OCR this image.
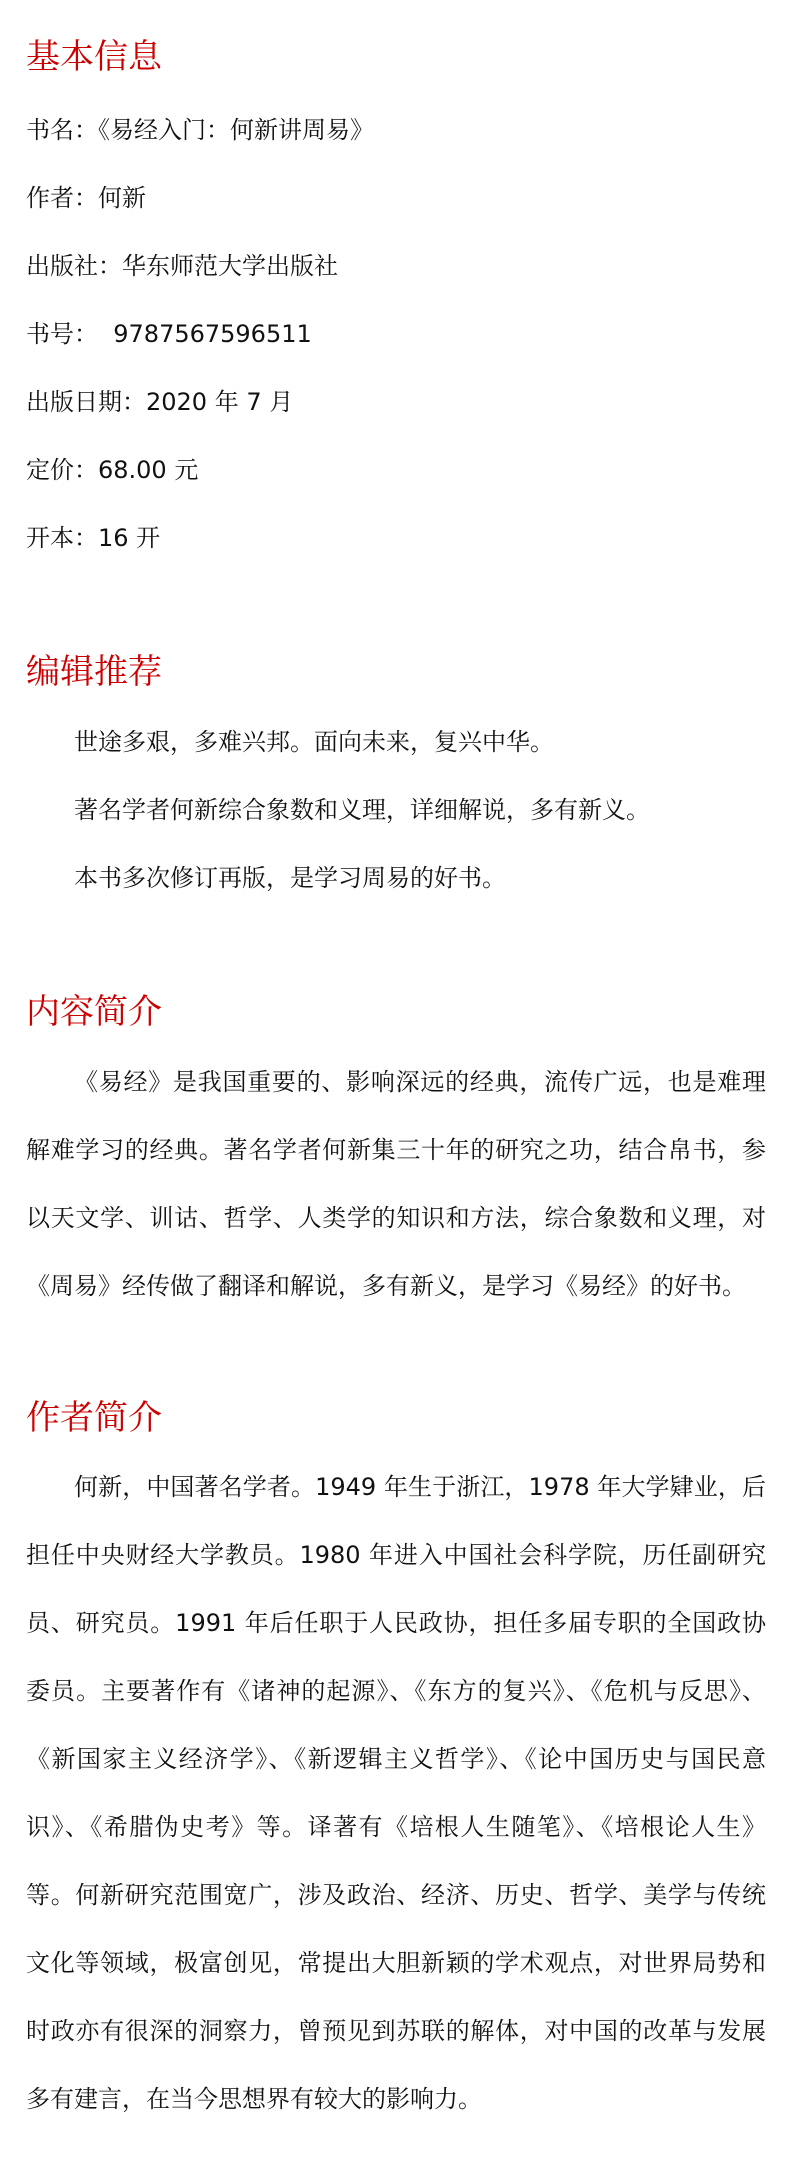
基本信息

书名：《易经入门：何新讲周易》

作者：何新

出版社：华东师范大学出版社

书号：  9787567596511

出版日期：2020 年 7 月

定价：68.00 元

开本：16 开

编辑推荐

世途多艰，多难兴邦。面向未来，复兴中华。

著名学者何新综合象数和义理，详细解说，多有新义。

本书多次修订再版，是学习周易的好书。

内容简介

《易经》是我国重要的、影响深远的经典，流传广远，也是难理解难学习的经典。著名学者何新集三十年的研究之功，结合帛书，参以天文学、训诂、哲学、人类学的知识和方法，综合象数和义理，对《周易》经传做了翻译和解说，多有新义，是学习《易经》的好书。

作者简介

何新，中国著名学者。1949 年生于浙江，1978 年大学肄业，后担任中央财经大学教员。1980 年进入中国社会科学院，历任副研究员、研究员。1991 年后任职于人民政协，担任多届专职的全国政协委员。主要著作有《诸神的起源》、《东方的复兴》、《危机与反思》、《新国家主义经济学》、《新逻辑主义哲学》、《论中国历史与国民意识》、《希腊伪史考》等。译著有《培根人生随笔》、《培根论人生》等。何新研究范围宽广，涉及政治、经济、历史、哲学、美学与传统文化等领域，极富创见，常提出大胆新颖的学术观点，对世界局势和时政亦有很深的洞察力，曾预见到苏联的解体，对中国的改革与发展多有建言，在当今思想界有较大的影响力。
